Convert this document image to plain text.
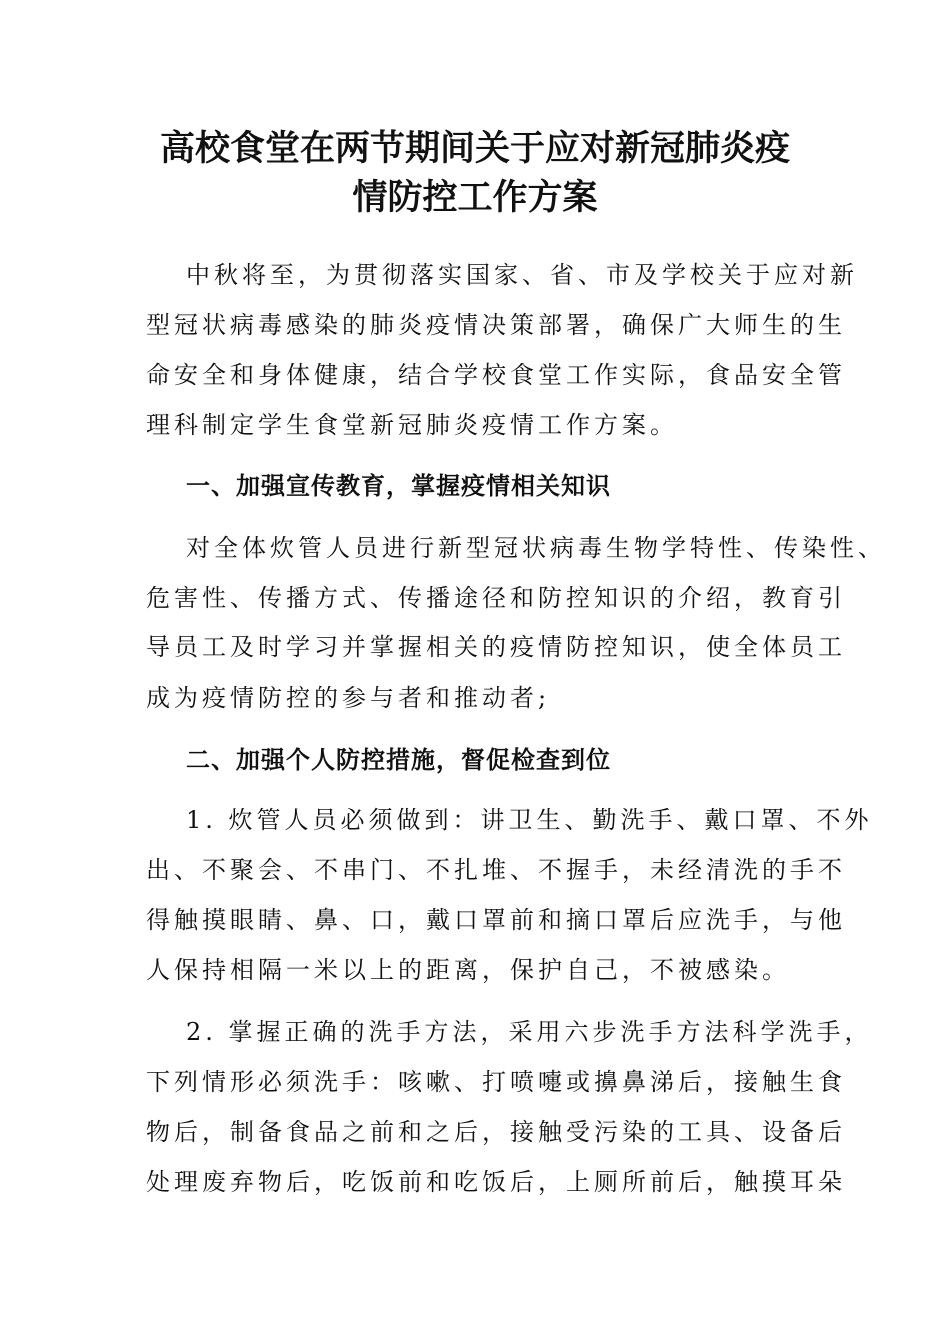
高校食堂在两节期间关于应对新冠肺炎疫
情防控工作方案
中秋将至，为贯彻落实国家、省、市及学校关于应对新
型冠状病毒感染的肺炎疫情决策部署，确保广大师生的生
命安全和身体健康，结合学校食堂工作实际，食品安全管
理科制定学生食堂新冠肺炎疫情工作方案。
一、加强宣传教育，掌握疫情相关知识
对全体炊管人员进行新型冠状病毒生物学特性、传染性、
危害性、传播方式、传播途径和防控知识的介绍，教育引
导员工及时学习并掌握相关的疫情防控知识，使全体员工
成为疫情防控的参与者和推动者;
二、加强个人防控措施，督促检查到位
1. 炊管人员必须做到：讲卫生、勤洗手、戴口罩、不外
出、不聚会、不串门、不扎堆、不握手，未经清洗的手不
得触摸眼睛、鼻、口，戴口罩前和摘口罩后应洗手，与他
人保持相隔一米以上的距离，保护自己，不被感染。
2. 掌握正确的洗手方法，采用六步洗手方法科学洗手，
下列情形必须洗手：咳嗽、打喷嚏或擤鼻涕后，接触生食
物后，制备食品之前和之后，接触受污染的工具、设备后
处理废弃物后，吃饭前和吃饭后，上厕所前后，触摸耳朵
